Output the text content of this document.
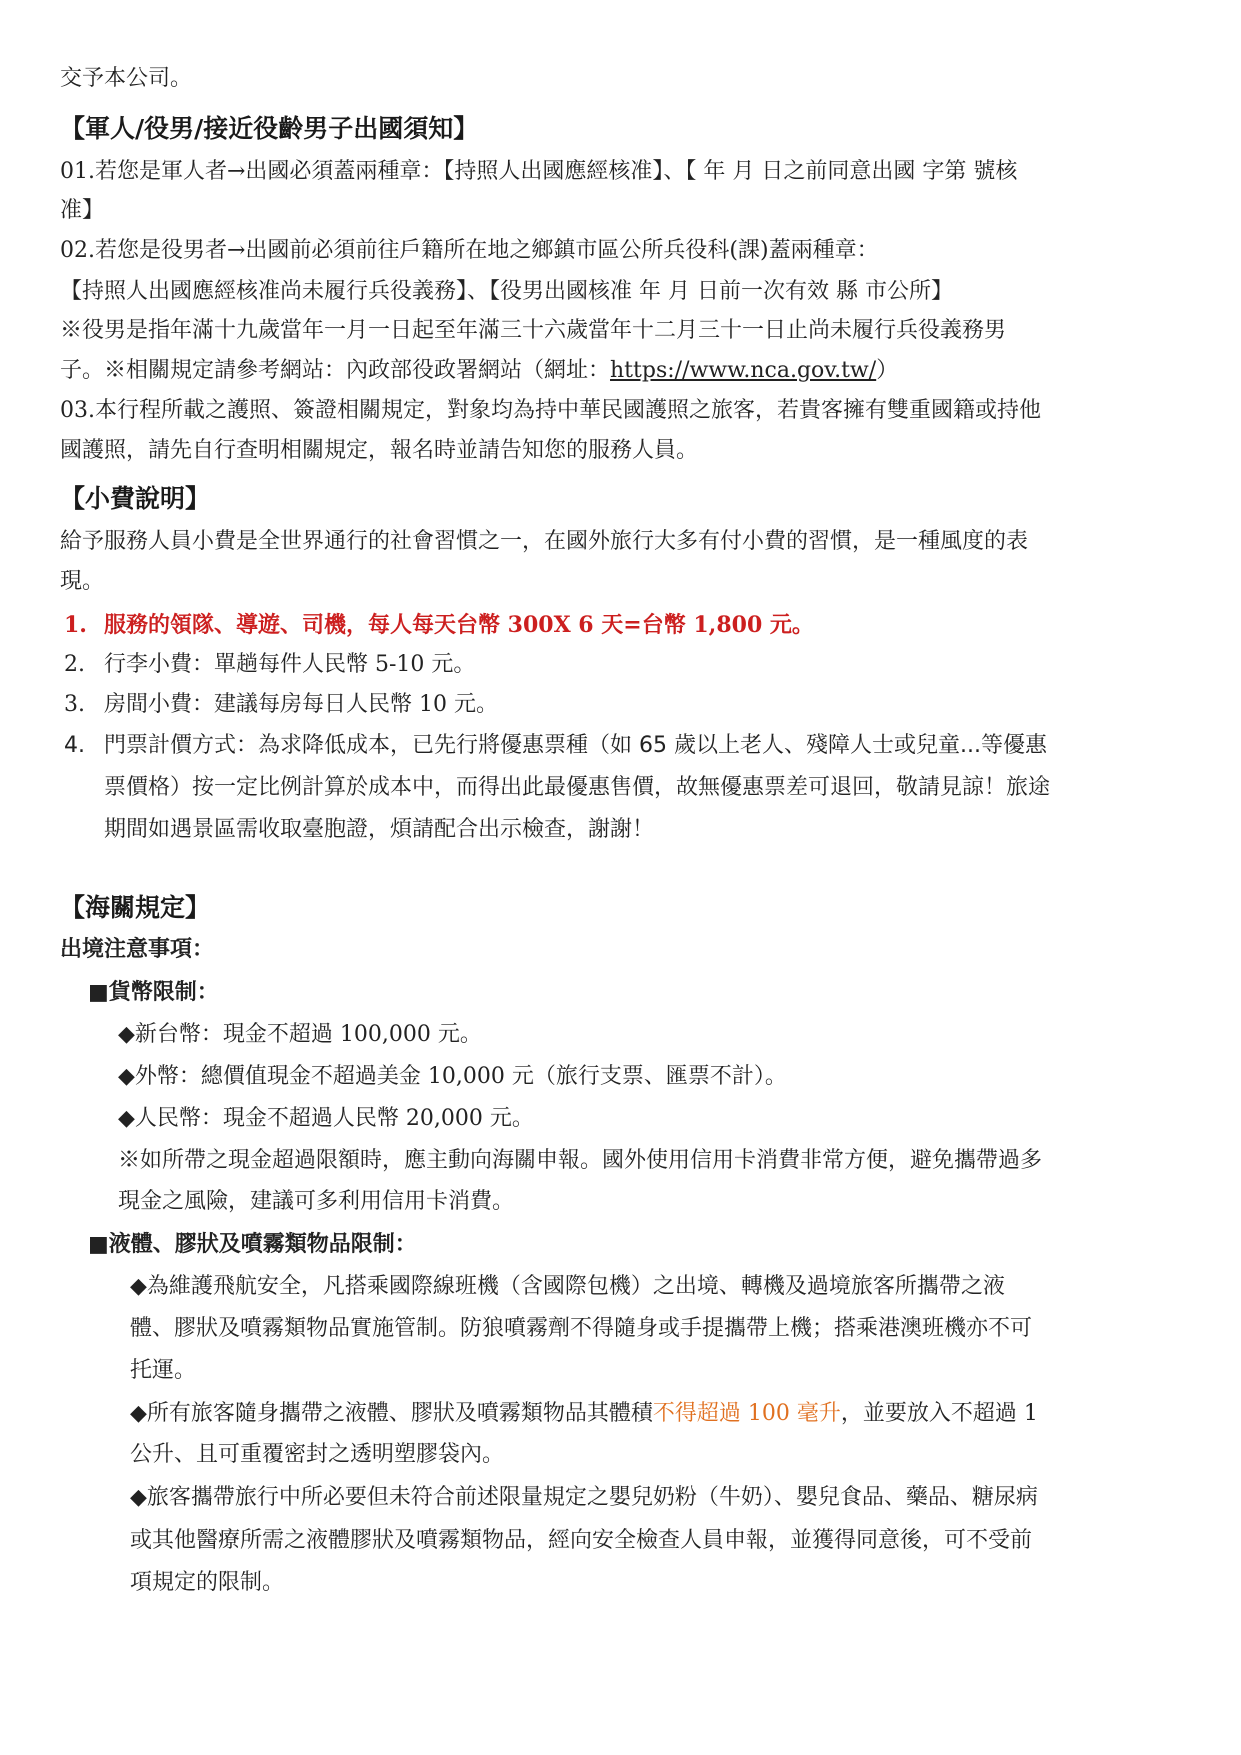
交予本公司。
【軍人/役男/接近役齡男子出國須知】
01.若您是軍人者→出國必須蓋兩種章：【持照人出國應經核准】、【 年 月 日之前同意出國 字第 號核
准】
02.若您是役男者→出國前必須前往戶籍所在地之鄉鎮市區公所兵役科(課)蓋兩種章：
【持照人出國應經核准尚未履行兵役義務】、【役男出國核准 年 月 日前一次有效 縣 市公所】
※役男是指年滿十九歲當年一月一日起至年滿三十六歲當年十二月三十一日止尚未履行兵役義務男
子。※相關規定請參考網站：內政部役政署網站（網址：https://www.nca.gov.tw/）
03.本行程所載之護照、簽證相關規定，對象均為持中華民國護照之旅客，若貴客擁有雙重國籍或持他
國護照，請先自行查明相關規定，報名時並請告知您的服務人員。
【小費說明】
給予服務人員小費是全世界通行的社會習慣之一，在國外旅行大多有付小費的習慣，是一種風度的表
現。
1. 服務的領隊、導遊、司機，每人每天台幣 300X 6 天=台幣 1,800 元。
2. 行李小費：單趟每件人民幣 5-10 元。
3. 房間小費：建議每房每日人民幣 10 元。
4. 門票計價方式：為求降低成本，已先行將優惠票種（如 65 歲以上老人、殘障人士或兒童...等優惠
票價格）按一定比例計算於成本中，而得出此最優惠售價，故無優惠票差可退回，敬請見諒！旅途
期間如遇景區需收取臺胞證，煩請配合出示檢查，謝謝！
【海關規定】
出境注意事項：
■貨幣限制：
◆新台幣：現金不超過 100,000 元。
◆外幣：總價值現金不超過美金 10,000 元（旅行支票、匯票不計）。
◆人民幣：現金不超過人民幣 20,000 元。
※如所帶之現金超過限額時，應主動向海關申報。國外使用信用卡消費非常方便，避免攜帶過多
現金之風險，建議可多利用信用卡消費。
■液體、膠狀及噴霧類物品限制：
◆為維護飛航安全，凡搭乘國際線班機（含國際包機）之出境、轉機及過境旅客所攜帶之液
體、膠狀及噴霧類物品實施管制。防狼噴霧劑不得隨身或手提攜帶上機；搭乘港澳班機亦不可
托運。
◆所有旅客隨身攜帶之液體、膠狀及噴霧類物品其體積不得超過 100 毫升，並要放入不超過 1
公升、且可重覆密封之透明塑膠袋內。
◆旅客攜帶旅行中所必要但未符合前述限量規定之嬰兒奶粉（牛奶）、嬰兒食品、藥品、糖尿病
或其他醫療所需之液體膠狀及噴霧類物品，經向安全檢查人員申報，並獲得同意後，可不受前
項規定的限制。
